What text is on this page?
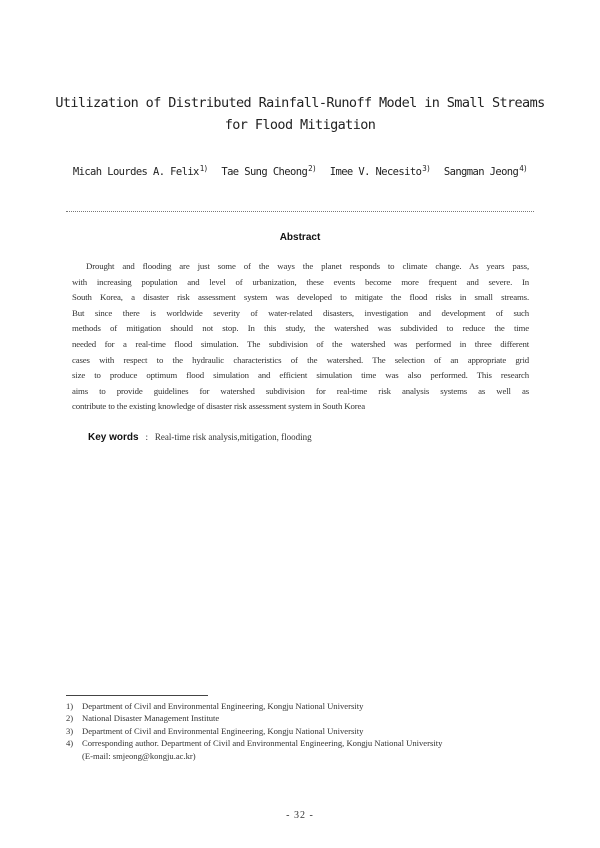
Utilization of Distributed Rainfall-Runoff Model in Small Streams
for Flood Mitigation
Micah Lourdes A. Felix$^{1)}$ Tae Sung Cheong$^{2)}$ Imee V. Necesito$^{3)}$ Sangman Jeong$^{4)}$
Abstract
Drought and flooding are just some of the ways the planet responds to climate change. As years pass,
with increasing population and level of urbanization, these events become more frequent and severe. In
South Korea, a disaster risk assessment system was developed to mitigate the flood risks in small streams.
But since there is worldwide severity of water-related disasters, investigation and development of such
methods of mitigation should not stop. In this study, the watershed was subdivided to reduce the time
needed for a real-time flood simulation. The subdivision of the watershed was performed in three different
cases with respect to the hydraulic characteristics of the watershed. The selection of an appropriate grid
size to produce optimum flood simulation and efficient simulation time was also performed. This research
aims to provide guidelines for watershed subdivision for real-time risk analysis systems as well as
contribute to the existing knowledge of disaster risk assessment system in South Korea
Key words : Real-time risk analysis,mitigation, flooding
1) Department of Civil and Environmental Engineering, Kongju National University
2) National Disaster Management Institute
3) Department of Civil and Environmental Engineering, Kongju National University
4) Corresponding author. Department of Civil and Environmental Engineering, Kongju National University
(E-mail: smjeong@kongju.ac.kr)
- 32 -
